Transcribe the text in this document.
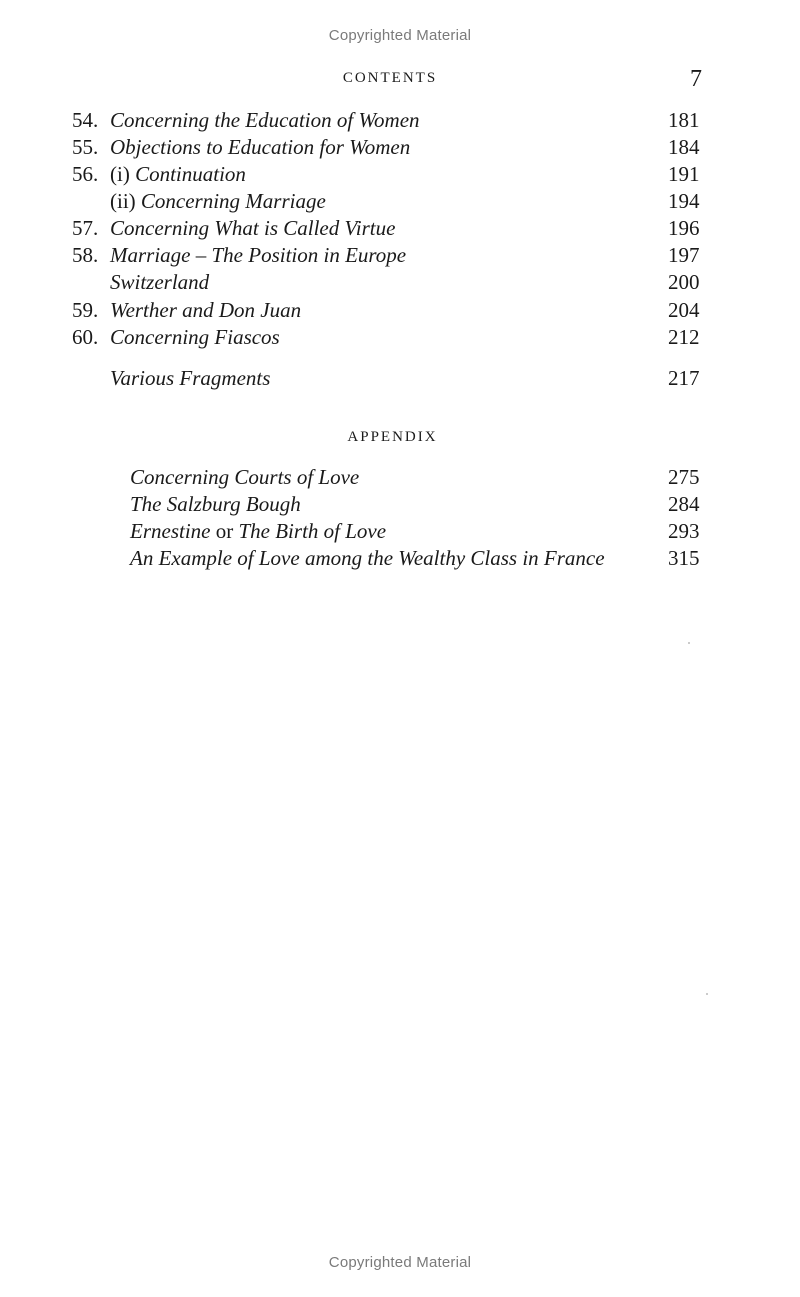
Copyrighted Material
CONTENTS	7
54. Concerning the Education of Women	181
55. Objections to Education for Women	184
56. (i) Continuation	191
(ii) Concerning Marriage	194
57. Concerning What is Called Virtue	196
58. Marriage – The Position in Europe	197
Switzerland	200
59. Werther and Don Juan	204
60. Concerning Fiascos	212
Various Fragments	217
APPENDIX
Concerning Courts of Love	275
The Salzburg Bough	284
Ernestine or The Birth of Love	293
An Example of Love among the Wealthy Class in France	315
Copyrighted Material
